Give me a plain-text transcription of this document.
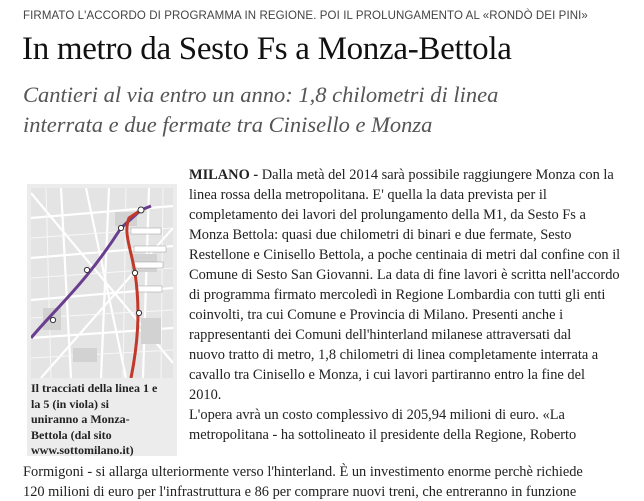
FIRMATO L'ACCORDO DI PROGRAMMA IN REGIONE. POI IL PROLUNGAMENTO AL «RONDÒ DEI PINI»
In metro da Sesto Fs a Monza-Bettola
Cantieri al via entro un anno: 1,8 chilometri di linea
interrata e due fermate tra Cinisello e Monza
Il tracciati della linea 1 e
la 5 (in viola) si
uniranno a Monza-
Bettola (dal sito
www.sottomilano.it)

MILANO - Dalla metà del 2014 sarà possibile raggiungere Monza con la
linea rossa della metropolitana. E' quella la data prevista per il
completamento dei lavori del prolungamento della M1, da Sesto Fs a
Monza Bettola: quasi due chilometri di binari e due fermate, Sesto
Restellone e Cinisello Bettola, a poche centinaia di metri dal confine con il
Comune di Sesto San Giovanni. La data di fine lavori è scritta nell'accordo
di programma firmato mercoledì in Regione Lombardia con tutti gli enti
coinvolti, tra cui Comune e Provincia di Milano. Presenti anche i
rappresentanti dei Comuni dell'hinterland milanese attraversati dal
nuovo tratto di metro, 1,8 chilometri di linea completamente interrata a
cavallo tra Cinisello e Monza, i cui lavori partiranno entro la fine del
2010.

L'opera avrà un costo complessivo di 205,94 milioni di euro. «La
metropolitana - ha sottolineato il presidente della Regione, Roberto

Formigoni - si allarga ulteriormente verso l'hinterland. È un investimento enorme perchè richiede
120 milioni di euro per l'infrastruttura e 86 per comprare nuovi treni, che entreranno in funzione
